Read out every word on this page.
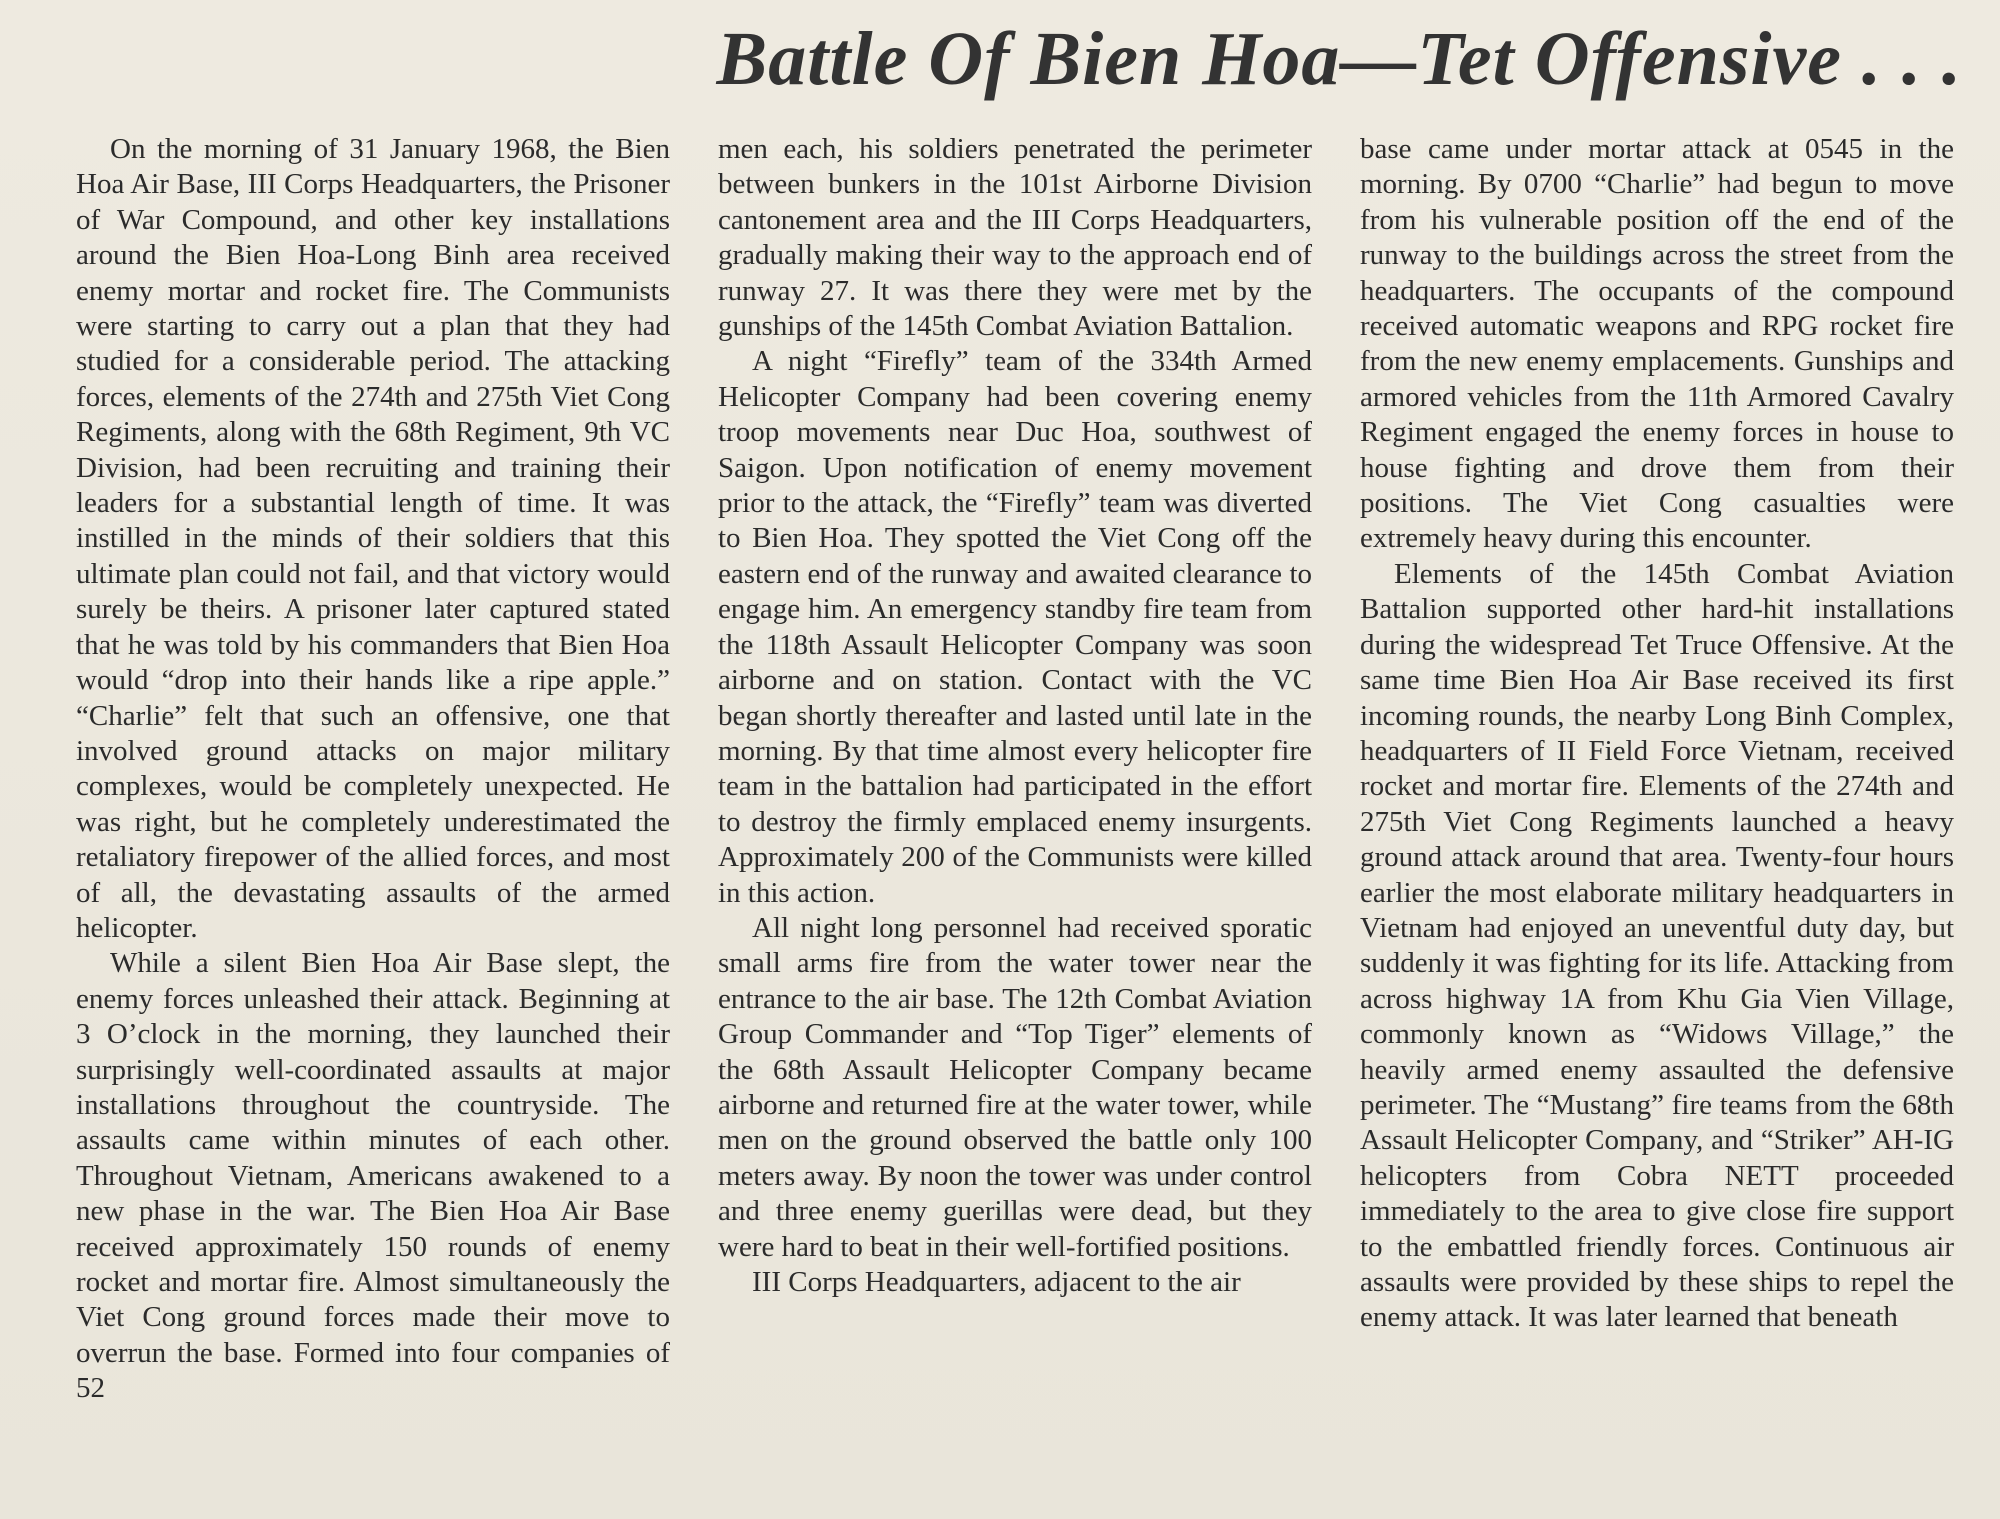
Battle Of Bien Hoa—Tet Offensive . . .

On the morning of 31 January 1968, the Bien Hoa Air Base, III Corps Headquarters, the Prisoner of War Compound, and other key installations around the Bien Hoa-Long Binh area received enemy mortar and rocket fire. The Communists were starting to carry out a plan that they had studied for a considerable period. The attacking forces, elements of the 274th and 275th Viet Cong Regiments, along with the 68th Regiment, 9th VC Division, had been recruiting and training their leaders for a substantial length of time. It was instilled in the minds of their soldiers that this ultimate plan could not fail, and that victory would surely be theirs. A prisoner later captured stated that he was told by his commanders that Bien Hoa would “drop into their hands like a ripe apple.” “Charlie” felt that such an offensive, one that involved ground attacks on major military complexes, would be completely unexpected. He was right, but he completely underestimated the retaliatory firepower of the allied forces, and most of all, the devastating assaults of the armed helicopter.

While a silent Bien Hoa Air Base slept, the enemy forces unleashed their attack. Beginning at 3 O’clock in the morning, they launched their surprisingly well-coordinated assaults at major installations throughout the countryside. The assaults came within minutes of each other. Throughout Vietnam, Americans awakened to a new phase in the war. The Bien Hoa Air Base received approximately 150 rounds of enemy rocket and mortar fire. Almost simultaneously the Viet Cong ground forces made their move to overrun the base. Formed into four companies of 52

men each, his soldiers penetrated the perimeter between bunkers in the 101st Airborne Division cantonement area and the III Corps Headquarters, gradually making their way to the approach end of runway 27. It was there they were met by the gunships of the 145th Combat Aviation Battalion.

A night “Firefly” team of the 334th Armed Helicopter Company had been covering enemy troop movements near Duc Hoa, southwest of Saigon. Upon notification of enemy movement prior to the attack, the “Firefly” team was diverted to Bien Hoa. They spotted the Viet Cong off the eastern end of the runway and awaited clearance to engage him. An emergency standby fire team from the 118th Assault Helicopter Company was soon airborne and on station. Contact with the VC began shortly thereafter and lasted until late in the morning. By that time almost every helicopter fire team in the battalion had participated in the effort to destroy the firmly emplaced enemy insurgents. Approximately 200 of the Communists were killed in this action.

All night long personnel had received sporatic small arms fire from the water tower near the entrance to the air base. The 12th Combat Aviation Group Commander and “Top Tiger” elements of the 68th Assault Helicopter Company became airborne and returned fire at the water tower, while men on the ground observed the battle only 100 meters away. By noon the tower was under control and three enemy guerillas were dead, but they were hard to beat in their well-fortified positions.

III Corps Headquarters, adjacent to the air

base came under mortar attack at 0545 in the morning. By 0700 “Charlie” had begun to move from his vulnerable position off the end of the runway to the buildings across the street from the headquarters. The occupants of the compound received automatic weapons and RPG rocket fire from the new enemy emplacements. Gunships and armored vehicles from the 11th Armored Cavalry Regiment engaged the enemy forces in house to house fighting and drove them from their positions. The Viet Cong casualties were extremely heavy during this encounter.

Elements of the 145th Combat Aviation Battalion supported other hard-hit installations during the widespread Tet Truce Offensive. At the same time Bien Hoa Air Base received its first incoming rounds, the nearby Long Binh Complex, headquarters of II Field Force Vietnam, received rocket and mortar fire. Elements of the 274th and 275th Viet Cong Regiments launched a heavy ground attack around that area. Twenty-four hours earlier the most elaborate military headquarters in Vietnam had enjoyed an uneventful duty day, but suddenly it was fighting for its life. Attacking from across highway 1A from Khu Gia Vien Village, commonly known as “Widows Village,” the heavily armed enemy assaulted the defensive perimeter. The “Mustang” fire teams from the 68th Assault Helicopter Company, and “Striker” AH-IG helicopters from Cobra NETT proceeded immediately to the area to give close fire support to the embattled friendly forces. Continuous air assaults were provided by these ships to repel the enemy attack. It was later learned that beneath
